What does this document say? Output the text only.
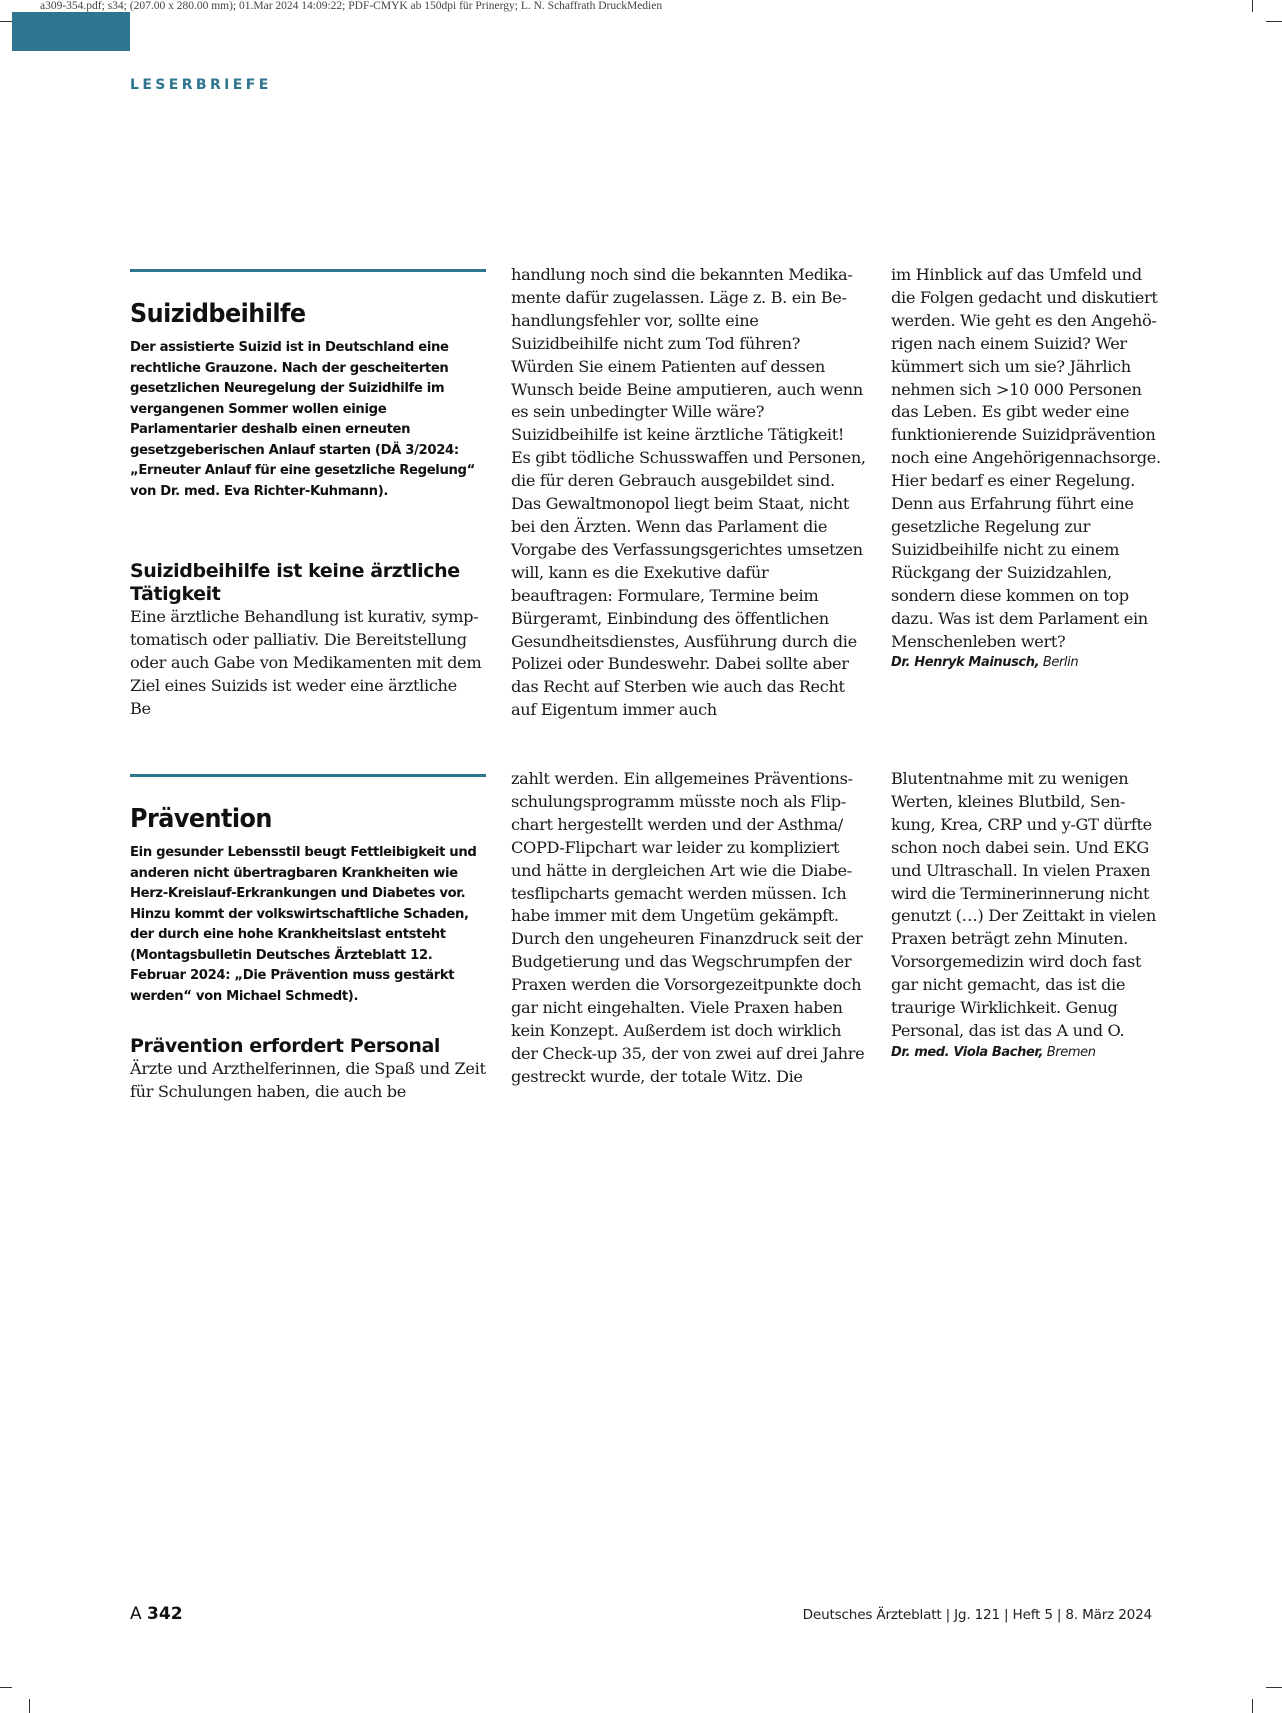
a309-354.pdf; s34; (207.00 x 280.00 mm); 01.Mar 2024 14:09:22; PDF-CMYK ab 150dpi für Prinergy; L. N. Schaffrath DruckMedien
LESERBRIEFE
Suizidbeihilfe

Der assistierte Suizid ist in Deutschland eine rechtliche Grauzone. Nach der gescheiterten gesetzlichen Neuregelung der Suizidhilfe im vergangenen Sommer wollen einige Parlamentarier deshalb einen erneuten gesetzgeberischen Anlauf starten (DÄ 3/2024: „Erneuter Anlauf für eine gesetzliche Regelung“ von Dr. med. Eva Richter-Kuhmann).

Suizidbeihilfe ist keine ärztliche Tätigkeit

Eine ärztliche Behandlung ist kurativ, symptomatisch oder palliativ. Die Bereitstellung oder auch Gabe von Medikamenten mit dem Ziel eines Suizids ist weder eine ärztliche Be

handlung noch sind die bekannten Medikamente dafür zugelassen. Läge z. B. ein Behandlungsfehler vor, sollte eine Suizidbeihilfe nicht zum Tod führen? Würden Sie einem Patienten auf dessen Wunsch beide Beine amputieren, auch wenn es sein unbedingter Wille wäre? Suizidbeihilfe ist keine ärztliche Tätigkeit! Es gibt tödliche Schusswaffen und Personen, die für deren Gebrauch ausgebildet sind. Das Gewaltmonopol liegt beim Staat, nicht bei den Ärzten. Wenn das Parlament die Vorgabe des Verfassungsgerichtes umsetzen will, kann es die Exekutive dafür beauftragen: Formulare, Termine beim Bürgeramt, Einbindung des öffentlichen Gesundheitsdienstes, Ausführung durch die Polizei oder Bundeswehr. Dabei sollte aber das Recht auf Sterben wie auch das Recht auf Eigentum immer auch

im Hinblick auf das Umfeld und die Folgen gedacht und diskutiert werden. Wie geht es den Angehörigen nach einem Suizid? Wer kümmert sich um sie? Jährlich nehmen sich >10 000 Personen das Leben. Es gibt weder eine funktionierende Suizidprävention noch eine Angehörigennachsorge. Hier bedarf es einer Regelung. Denn aus Erfahrung führt eine gesetzliche Regelung zur Suizidbeihilfe nicht zu einem Rückgang der Suizidzahlen, sondern diese kommen on top dazu. Was ist dem Parlament ein Menschenleben wert?

Dr. Henryk Mainusch, Berlin

Prävention

Ein gesunder Lebensstil beugt Fettleibigkeit und anderen nicht übertragbaren Krankheiten wie Herz-Kreislauf-Erkrankungen und Diabetes vor. Hinzu kommt der volkswirtschaftliche Schaden, der durch eine hohe Krankheitslast entsteht (Montagsbulletin Deutsches Ärzteblatt 12. Februar 2024: „Die Prävention muss gestärkt werden“ von Michael Schmedt).

Prävention erfordert Personal

Ärzte und Arzthelferinnen, die Spaß und Zeit für Schulungen haben, die auch be

zahlt werden. Ein allgemeines Präventionsschulungsprogramm müsste noch als Flipchart hergestellt werden und der Asthma/ COPD-Flipchart war leider zu kompliziert und hätte in dergleichen Art wie die Diabetesflipcharts gemacht werden müssen. Ich habe immer mit dem Ungetüm gekämpft. Durch den ungeheuren Finanzdruck seit der Budgetierung und das Wegschrumpfen der Praxen werden die Vorsorgezeitpunkte doch gar nicht eingehalten. Viele Praxen haben kein Konzept. Außerdem ist doch wirklich der Check-up 35, der von zwei auf drei Jahre gestreckt wurde, der totale Witz. Die

Blutentnahme mit zu wenigen Werten, kleines Blutbild, Senkung, Krea, CRP und y-GT dürfte schon noch dabei sein. Und EKG und Ultraschall. In vielen Praxen wird die Terminerinnerung nicht genutzt (…) Der Zeittakt in vielen Praxen beträgt zehn Minuten. Vorsorgemedizin wird doch fast gar nicht gemacht, das ist die traurige Wirklichkeit. Genug Personal, das ist das A und O.

Dr. med. Viola Bacher, Bremen

A 342	Deutsches Ärzteblatt | Jg. 121 | Heft 5 | 8. März 2024
